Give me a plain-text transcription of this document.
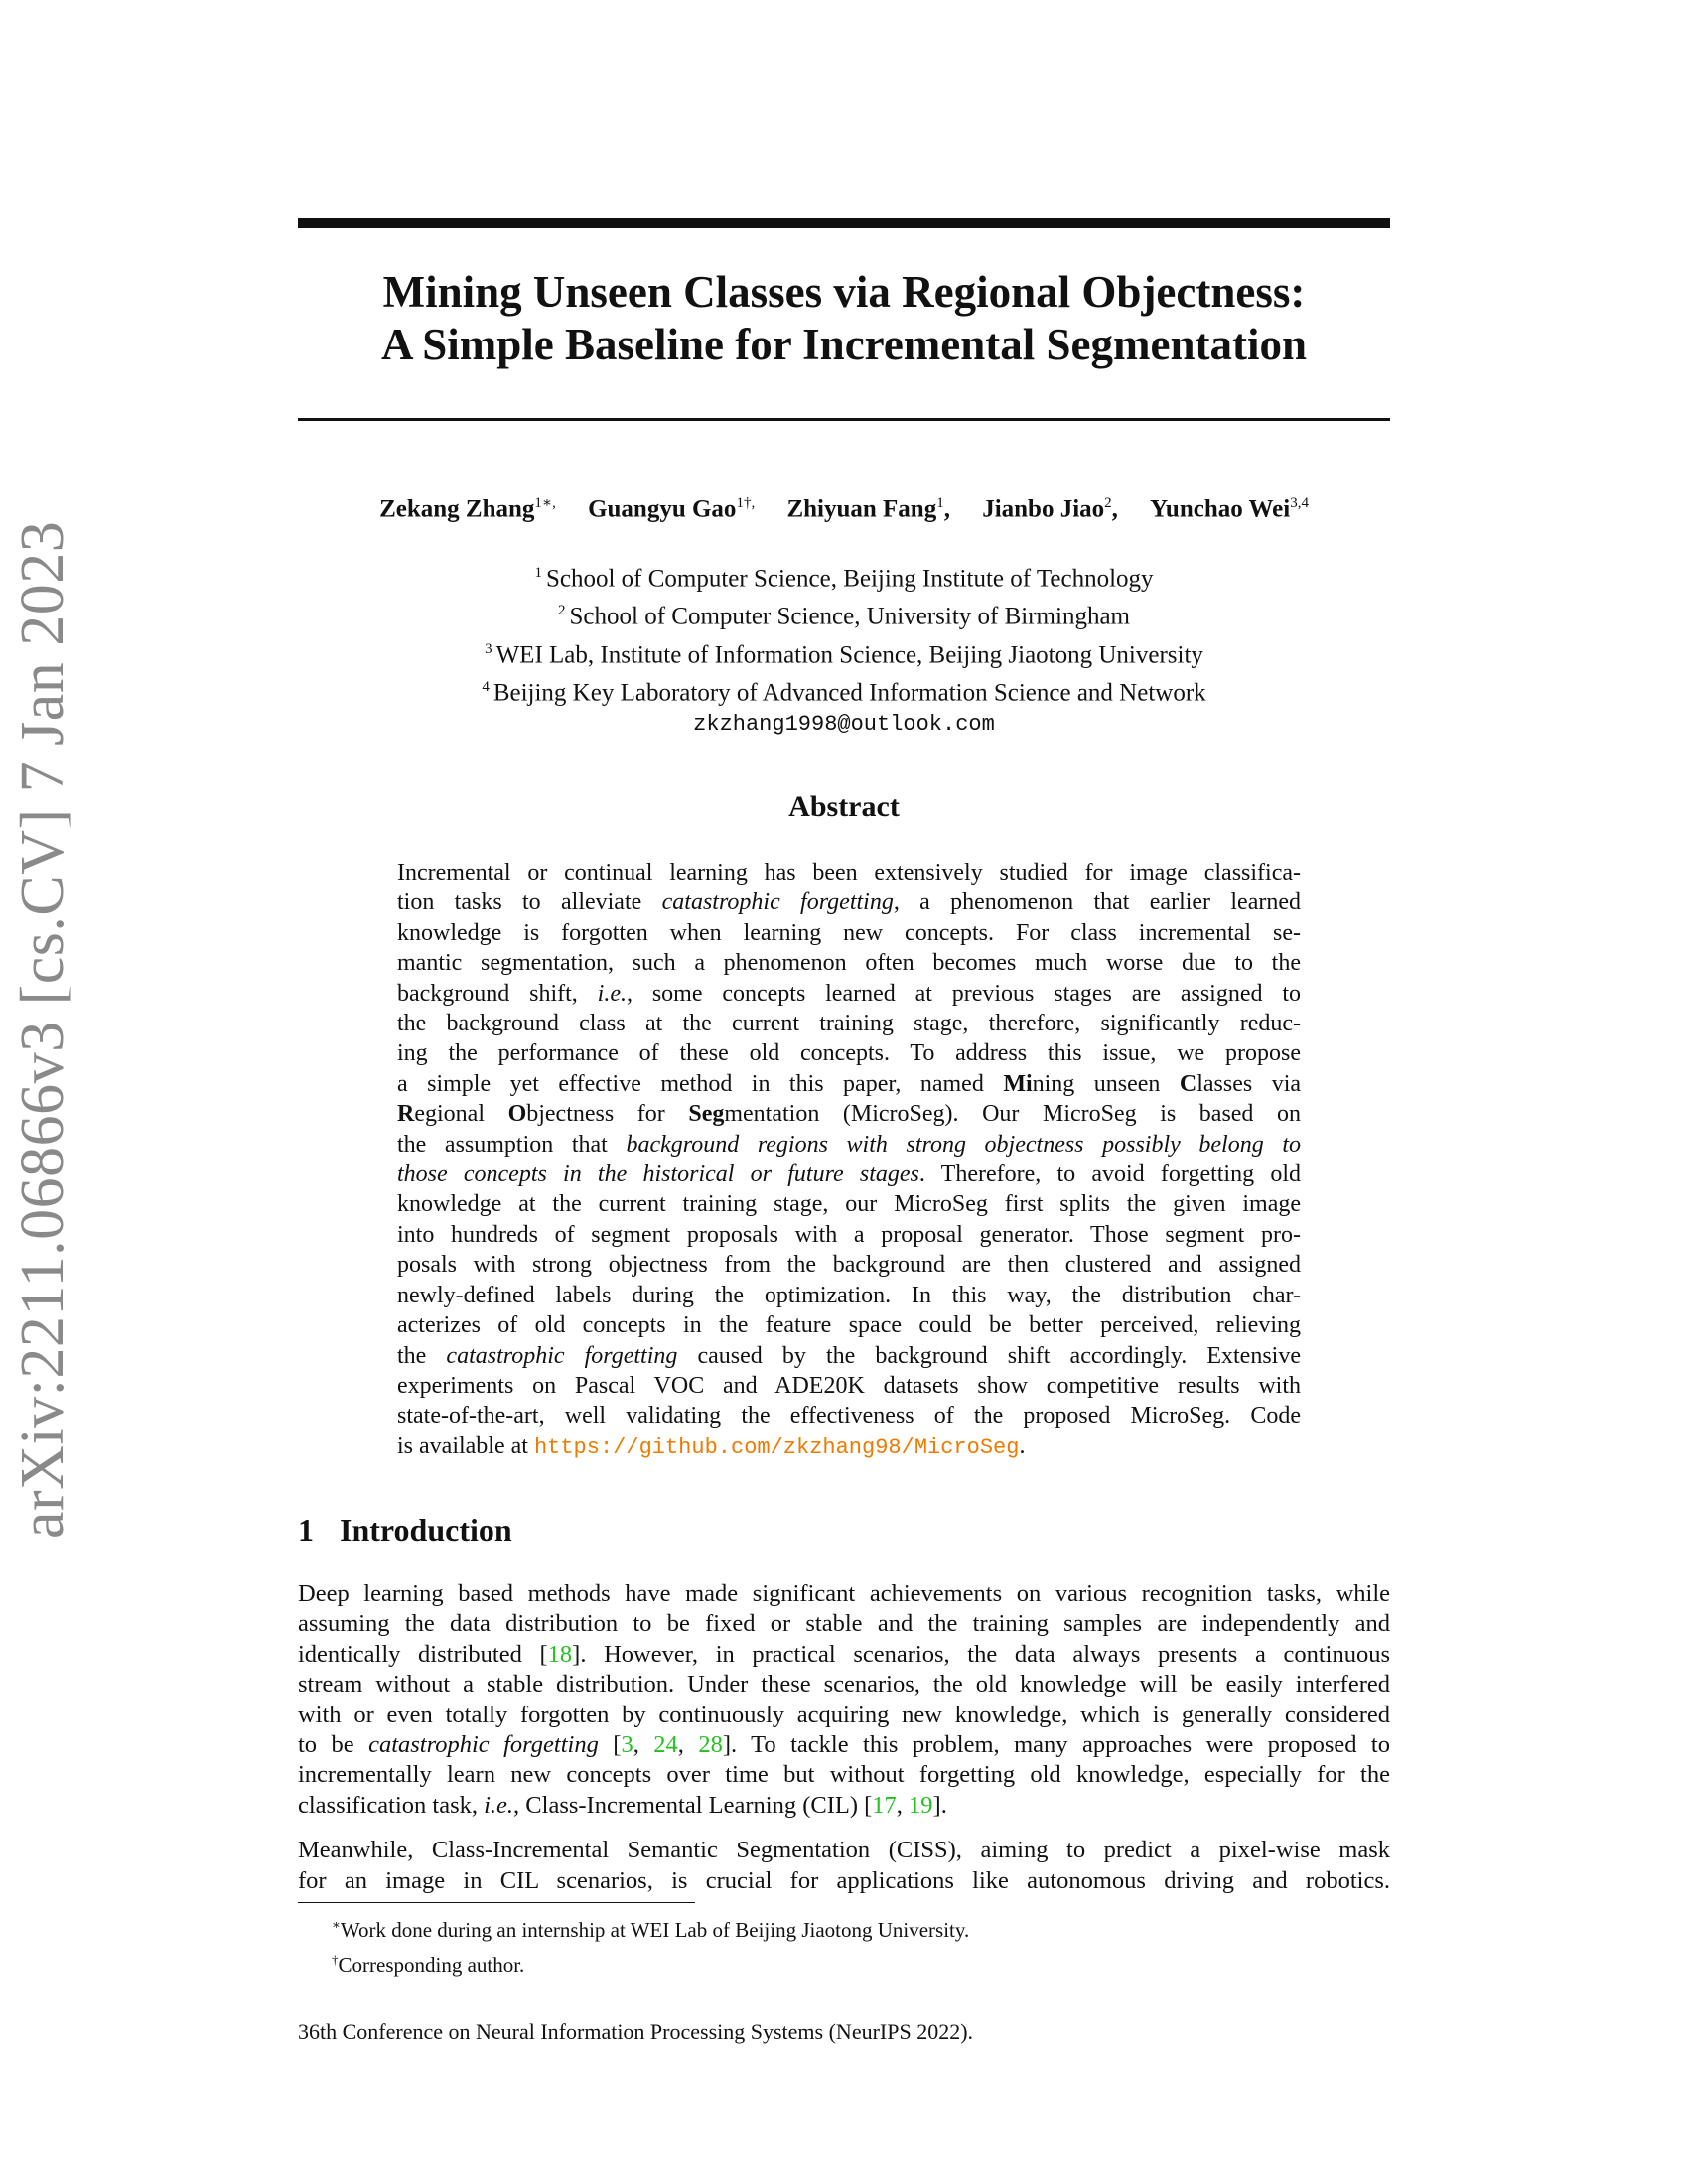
arXiv:2211.06866v3 [cs.CV] 7 Jan 2023
Mining Unseen Classes via Regional Objectness:
A Simple Baseline for Incremental Segmentation
Zekang Zhang$^{1∗,}$ Guangyu Gao$^{1\dagger,}$ Zhiyuan Fang$^1$, Jianbo Jiao$^2$, Yunchao Wei$^{3,4}$
$^1$ School of Computer Science, Beijing Institute of Technology
$^2$ School of Computer Science, University of Birmingham
$^3$ WEI Lab, Institute of Information Science, Beijing Jiaotong University
$^4$ Beijing Key Laboratory of Advanced Information Science and Network
zkzhang1998@outlook.com
Abstract
Incremental or continual learning has been extensively studied for image classifica-
tion tasks to alleviate catastrophic forgetting, a phenomenon that earlier learned
knowledge is forgotten when learning new concepts. For class incremental se-
mantic segmentation, such a phenomenon often becomes much worse due to the
background shift, i.e., some concepts learned at previous stages are assigned to
the background class at the current training stage, therefore, significantly reduc-
ing the performance of these old concepts. To address this issue, we propose
a simple yet effective method in this paper, named Mining unseen Classes via
Regional Objectness for Segmentation (MicroSeg). Our MicroSeg is based on
the assumption that background regions with strong objectness possibly belong to
those concepts in the historical or future stages. Therefore, to avoid forgetting old
knowledge at the current training stage, our MicroSeg first splits the given image
into hundreds of segment proposals with a proposal generator. Those segment pro-
posals with strong objectness from the background are then clustered and assigned
newly-defined labels during the optimization. In this way, the distribution char-
acterizes of old concepts in the feature space could be better perceived, relieving
the catastrophic forgetting caused by the background shift accordingly. Extensive
experiments on Pascal VOC and ADE20K datasets show competitive results with
state-of-the-art, well validating the effectiveness of the proposed MicroSeg. Code
is available at https://github.com/zkzhang98/MicroSeg.
1 Introduction
Deep learning based methods have made significant achievements on various recognition tasks, while
assuming the data distribution to be fixed or stable and the training samples are independently and
identically distributed [18]. However, in practical scenarios, the data always presents a continuous
stream without a stable distribution. Under these scenarios, the old knowledge will be easily interfered
with or even totally forgotten by continuously acquiring new knowledge, which is generally considered
to be catastrophic forgetting [3, 24, 28]. To tackle this problem, many approaches were proposed to
incrementally learn new concepts over time but without forgetting old knowledge, especially for the
classification task, i.e., Class-Incremental Learning (CIL) [17, 19].
Meanwhile, Class-Incremental Semantic Segmentation (CISS), aiming to predict a pixel-wise mask
for an image in CIL scenarios, is crucial for applications like autonomous driving and robotics.
∗Work done during an internship at WEI Lab of Beijing Jiaotong University.
†Corresponding author.
36th Conference on Neural Information Processing Systems (NeurIPS 2022).
